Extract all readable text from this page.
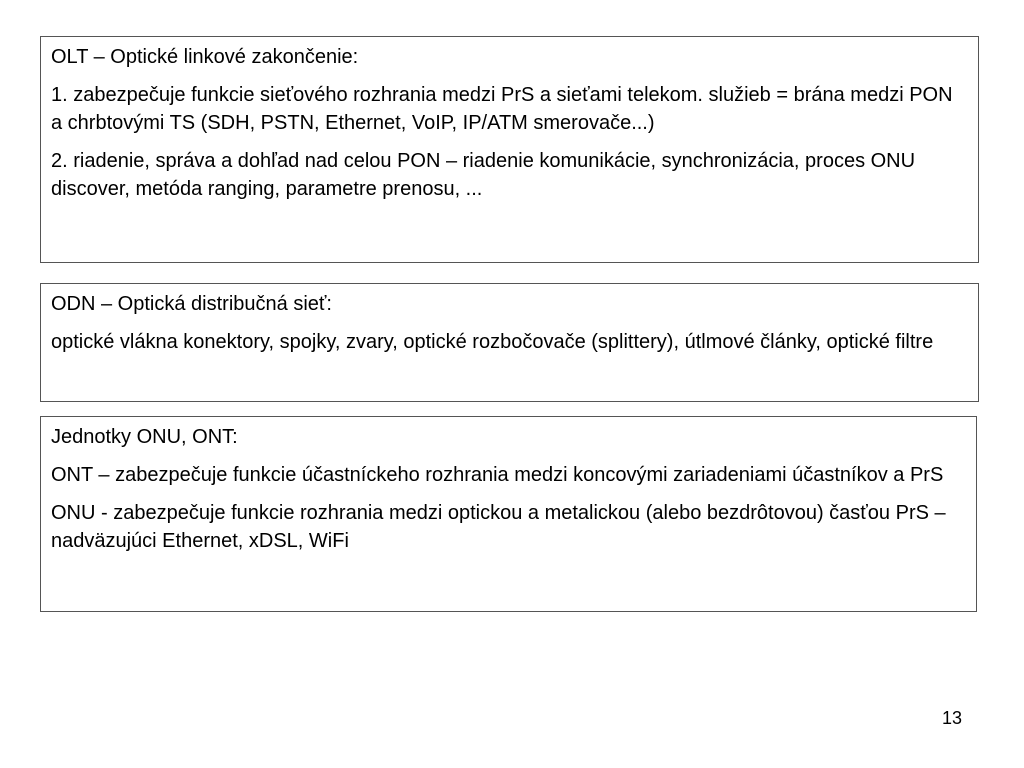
OLT – Optické linkové zakončenie:

1. zabezpečuje funkcie sieťového rozhrania medzi PrS a sieťami telekom. služieb = brána medzi PON a chrbtovými TS (SDH, PSTN, Ethernet, VoIP, IP/ATM smerovače...)

2. riadenie, správa a dohľad nad celou PON – riadenie komunikácie, synchronizácia, proces ONU discover, metóda ranging, parametre prenosu, ...

ODN – Optická distribučná sieť:

optické vlákna konektory, spojky, zvary, optické rozbočovače (splittery), útlmové články, optické filtre

Jednotky ONU, ONT:

ONT – zabezpečuje funkcie účastníckeho rozhrania medzi koncovými zariadeniami účastníkov a PrS

ONU - zabezpečuje funkcie rozhrania medzi optickou a metalickou (alebo bezdrôtovou) časťou PrS – nadväzujúci Ethernet, xDSL, WiFi

13
